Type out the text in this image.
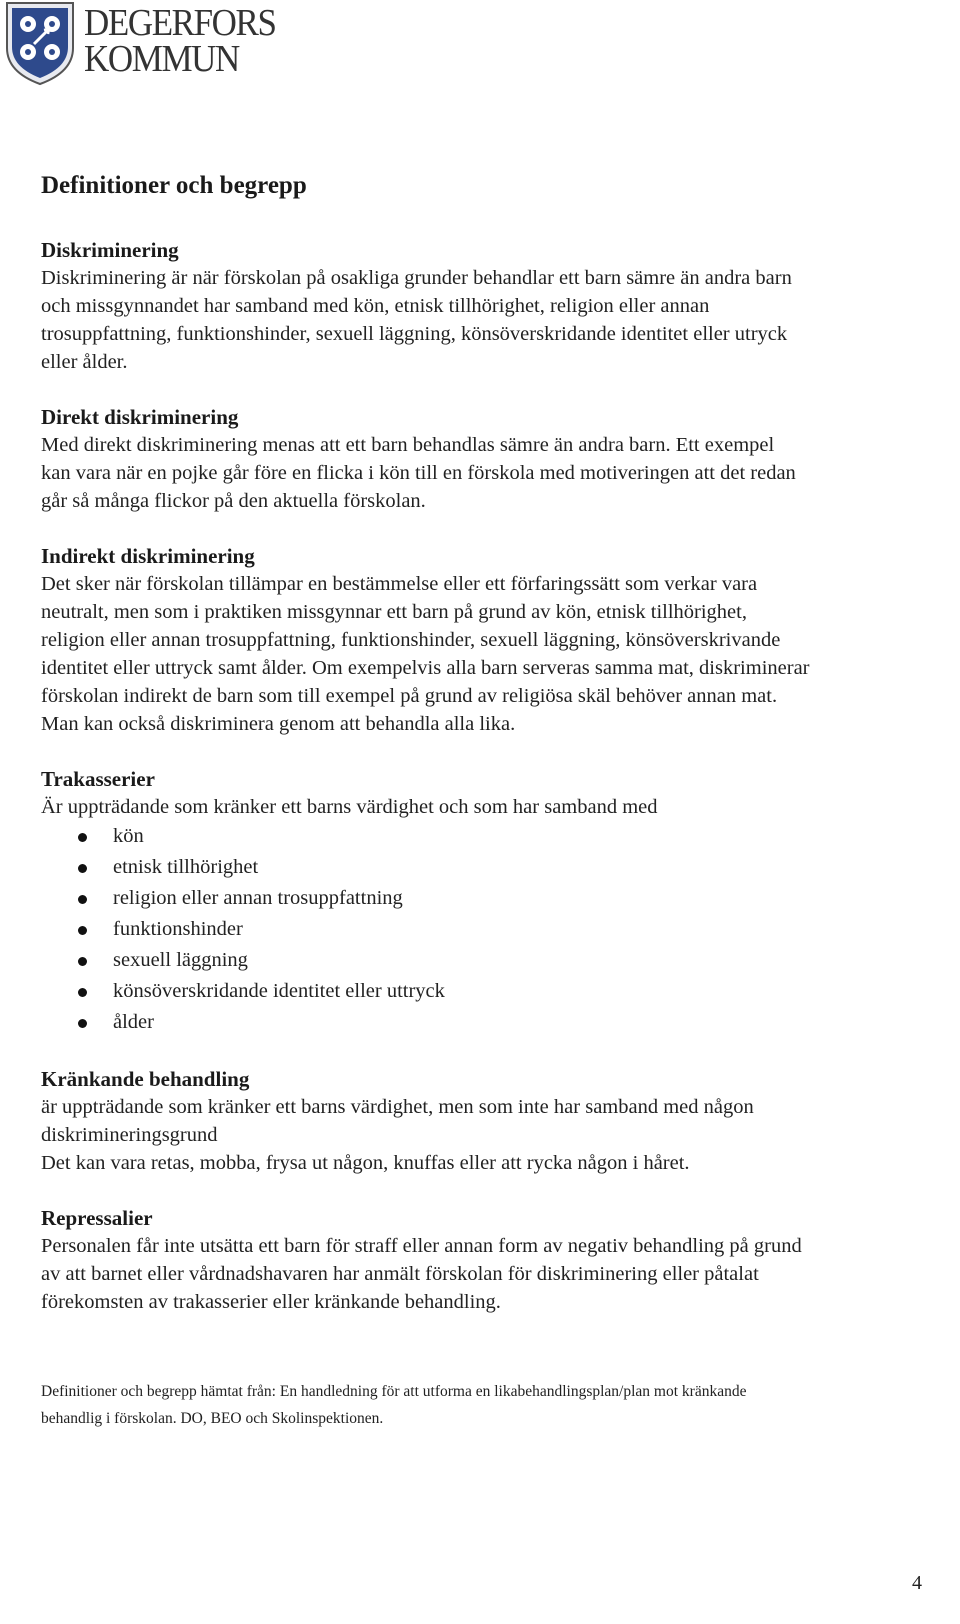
DEGERFORS
KOMMUN
Definitioner och begrepp

Diskriminering

Diskriminering är när förskolan på osakliga grunder behandlar ett barn sämre än andra barn

och missgynnandet har samband med kön, etnisk tillhörighet, religion eller annan

trosuppfattning, funktionshinder, sexuell läggning, könsöverskridande identitet eller utryck

eller ålder.

Direkt diskriminering

Med direkt diskriminering menas att ett barn behandlas sämre än andra barn. Ett exempel

kan vara när en pojke går före en flicka i kön till en förskola med motiveringen att det redan

går så många flickor på den aktuella förskolan.

Indirekt diskriminering

Det sker när förskolan tillämpar en bestämmelse eller ett förfaringssätt som verkar vara

neutralt, men som i praktiken missgynnar ett barn på grund av kön, etnisk tillhörighet,

religion eller annan trosuppfattning, funktionshinder, sexuell läggning, könsöverskrivande

identitet eller uttryck samt ålder. Om exempelvis alla barn serveras samma mat, diskriminerar

förskolan indirekt de barn som till exempel på grund av religiösa skäl behöver annan mat.

Man kan också diskriminera genom att behandla alla lika.

Trakasserier

Är uppträdande som kränker ett barns värdighet och som har samband med

kön
etnisk tillhörighet
religion eller annan trosuppfattning
funktionshinder
sexuell läggning
könsöverskridande identitet eller uttryck
ålder

Kränkande behandling

är uppträdande som kränker ett barns värdighet, men som inte har samband med någon

diskrimineringsgrund

Det kan vara retas, mobba, frysa ut någon, knuffas eller att rycka någon i håret.

Repressalier

Personalen får inte utsätta ett barn för straff eller annan form av negativ behandling på grund

av att barnet eller vårdnadshavaren har anmält förskolan för diskriminering eller påtalat

förekomsten av trakasserier eller kränkande behandling.

Definitioner och begrepp hämtat från: En handledning för att utforma en likabehandlingsplan/plan mot kränkande
behandlig i förskolan. DO, BEO och Skolinspektionen.
4
